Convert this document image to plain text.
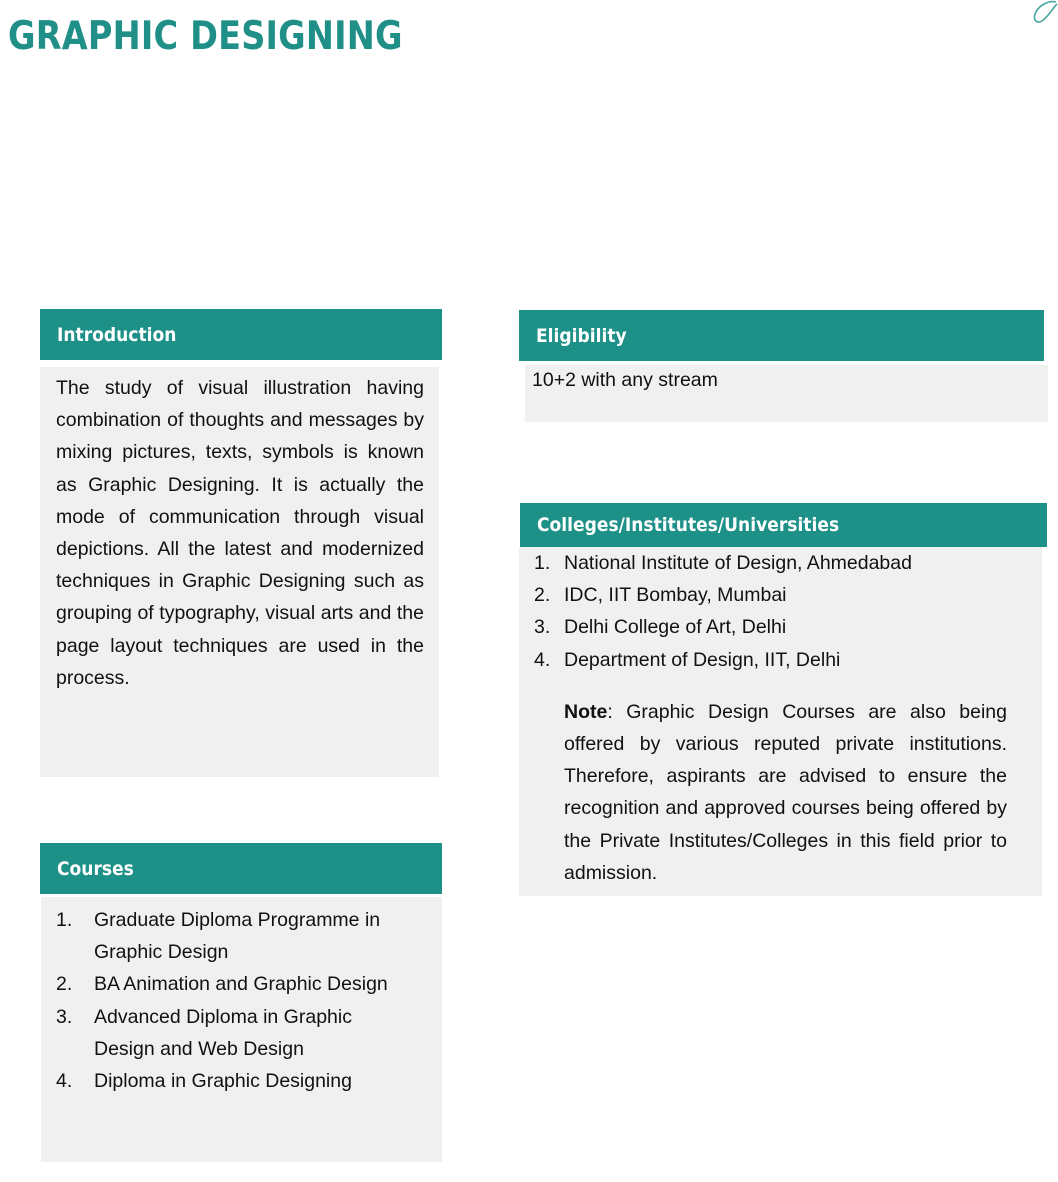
GRAPHIC DESIGNING
Introduction

The study of visual illustration having combination of thoughts and messages by mixing pictures, texts, symbols is known as Graphic Designing. It is actually the mode of communication through visual depictions. All the latest and modernized techniques in Graphic Designing such as grouping of typography, visual arts and the page layout techniques are used in the process.

Courses
1.	Graduate Diploma Programme in Graphic Design
2.	BA Animation and Graphic Design
3.	Advanced Diploma in Graphic Design and Web Design
4.	Diploma in Graphic Designing
Eligibility
10+2 with any stream
Colleges/Institutes/Universities
1. National Institute of Design, Ahmedabad
2. IDC, IIT Bombay, Mumbai
3. Delhi College of Art, Delhi
4. Department of Design, IIT, Delhi

Note: Graphic Design Courses are also being offered by various reputed private institutions. Therefore, aspirants are advised to ensure the recognition and approved courses being offered by the Private Institutes/Colleges in this field prior to admission.
